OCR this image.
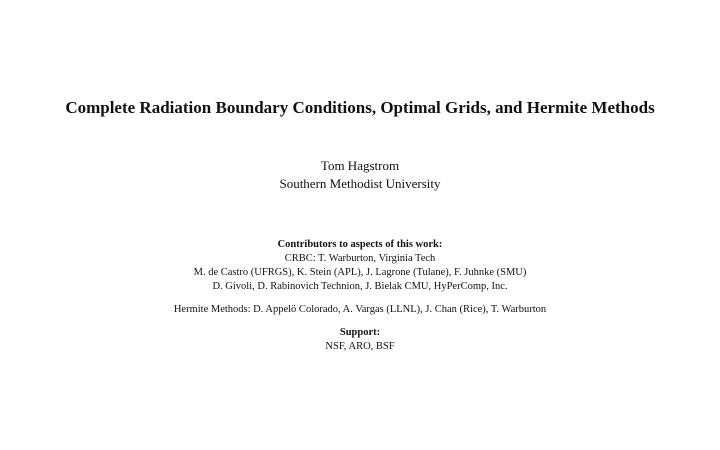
Complete Radiation Boundary Conditions, Optimal Grids, and Hermite Methods
Tom Hagstrom
Southern Methodist University
Contributors to aspects of this work:
CRBC: T. Warburton, Virginia Tech
M. de Castro (UFRGS), K. Stein (APL), J. Lagrone (Tulane), F. Juhnke (SMU)
D. Givoli, D. Rabinovich Technion, J. Bielak CMU, HyPerComp, Inc.
Hermite Methods: D. Appelö Colorado, A. Vargas (LLNL), J. Chan (Rice), T. Warburton
Support:
NSF, ARO, BSF
